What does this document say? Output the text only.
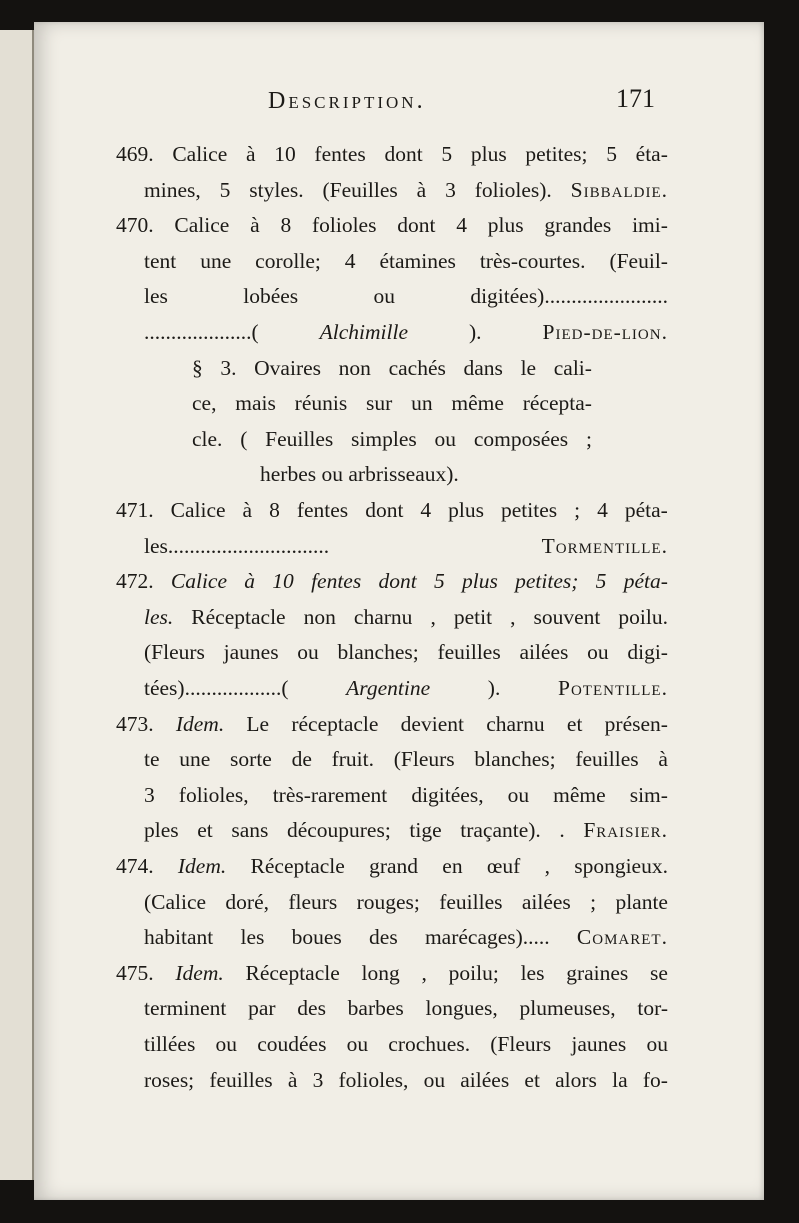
Description.	171
469. Calice à 10 fentes dont 5 plus petites; 5 éta-
mines, 5 styles. (Feuilles à 3 folioles). Sibbaldie.
470. Calice à 8 folioles dont 4 plus grandes imi-
tent une corolle; 4 étamines très-courtes. (Feuil-
les	lobées	ou	digitées).......................
....................(	Alchimille	).	Pied-de-lion.
§ 3. Ovaires non cachés dans le cali-
ce, mais réunis sur un même récepta-
cle. ( Feuilles simples ou composées ;
herbes ou arbrisseaux).
471. Calice à 8 fentes dont 4 plus petites ; 4 péta-
les..............................	Tormentille.
472. Calice à 10 fentes dont 5 plus petites; 5 péta-
les. Réceptacle non charnu , petit , souvent poilu.
(Fleurs jaunes ou blanches; feuilles ailées ou digi-
tées)..................(	Argentine	).	Potentille.
473. Idem. Le réceptacle devient charnu et présen-
te une sorte de fruit. (Fleurs blanches; feuilles à
3 folioles, très-rarement digitées, ou même sim-
ples et sans découpures; tige traçante). . Fraisier.
474. Idem. Réceptacle grand en œuf , spongieux.
(Calice doré, fleurs rouges; feuilles ailées ; plante
habitant les boues des marécages)..... Comaret.
475. Idem. Réceptacle long , poilu; les graines se
terminent par des barbes longues, plumeuses, tor-
tillées ou coudées ou crochues. (Fleurs jaunes ou
roses; feuilles à 3 folioles, ou ailées et alors la fo-
